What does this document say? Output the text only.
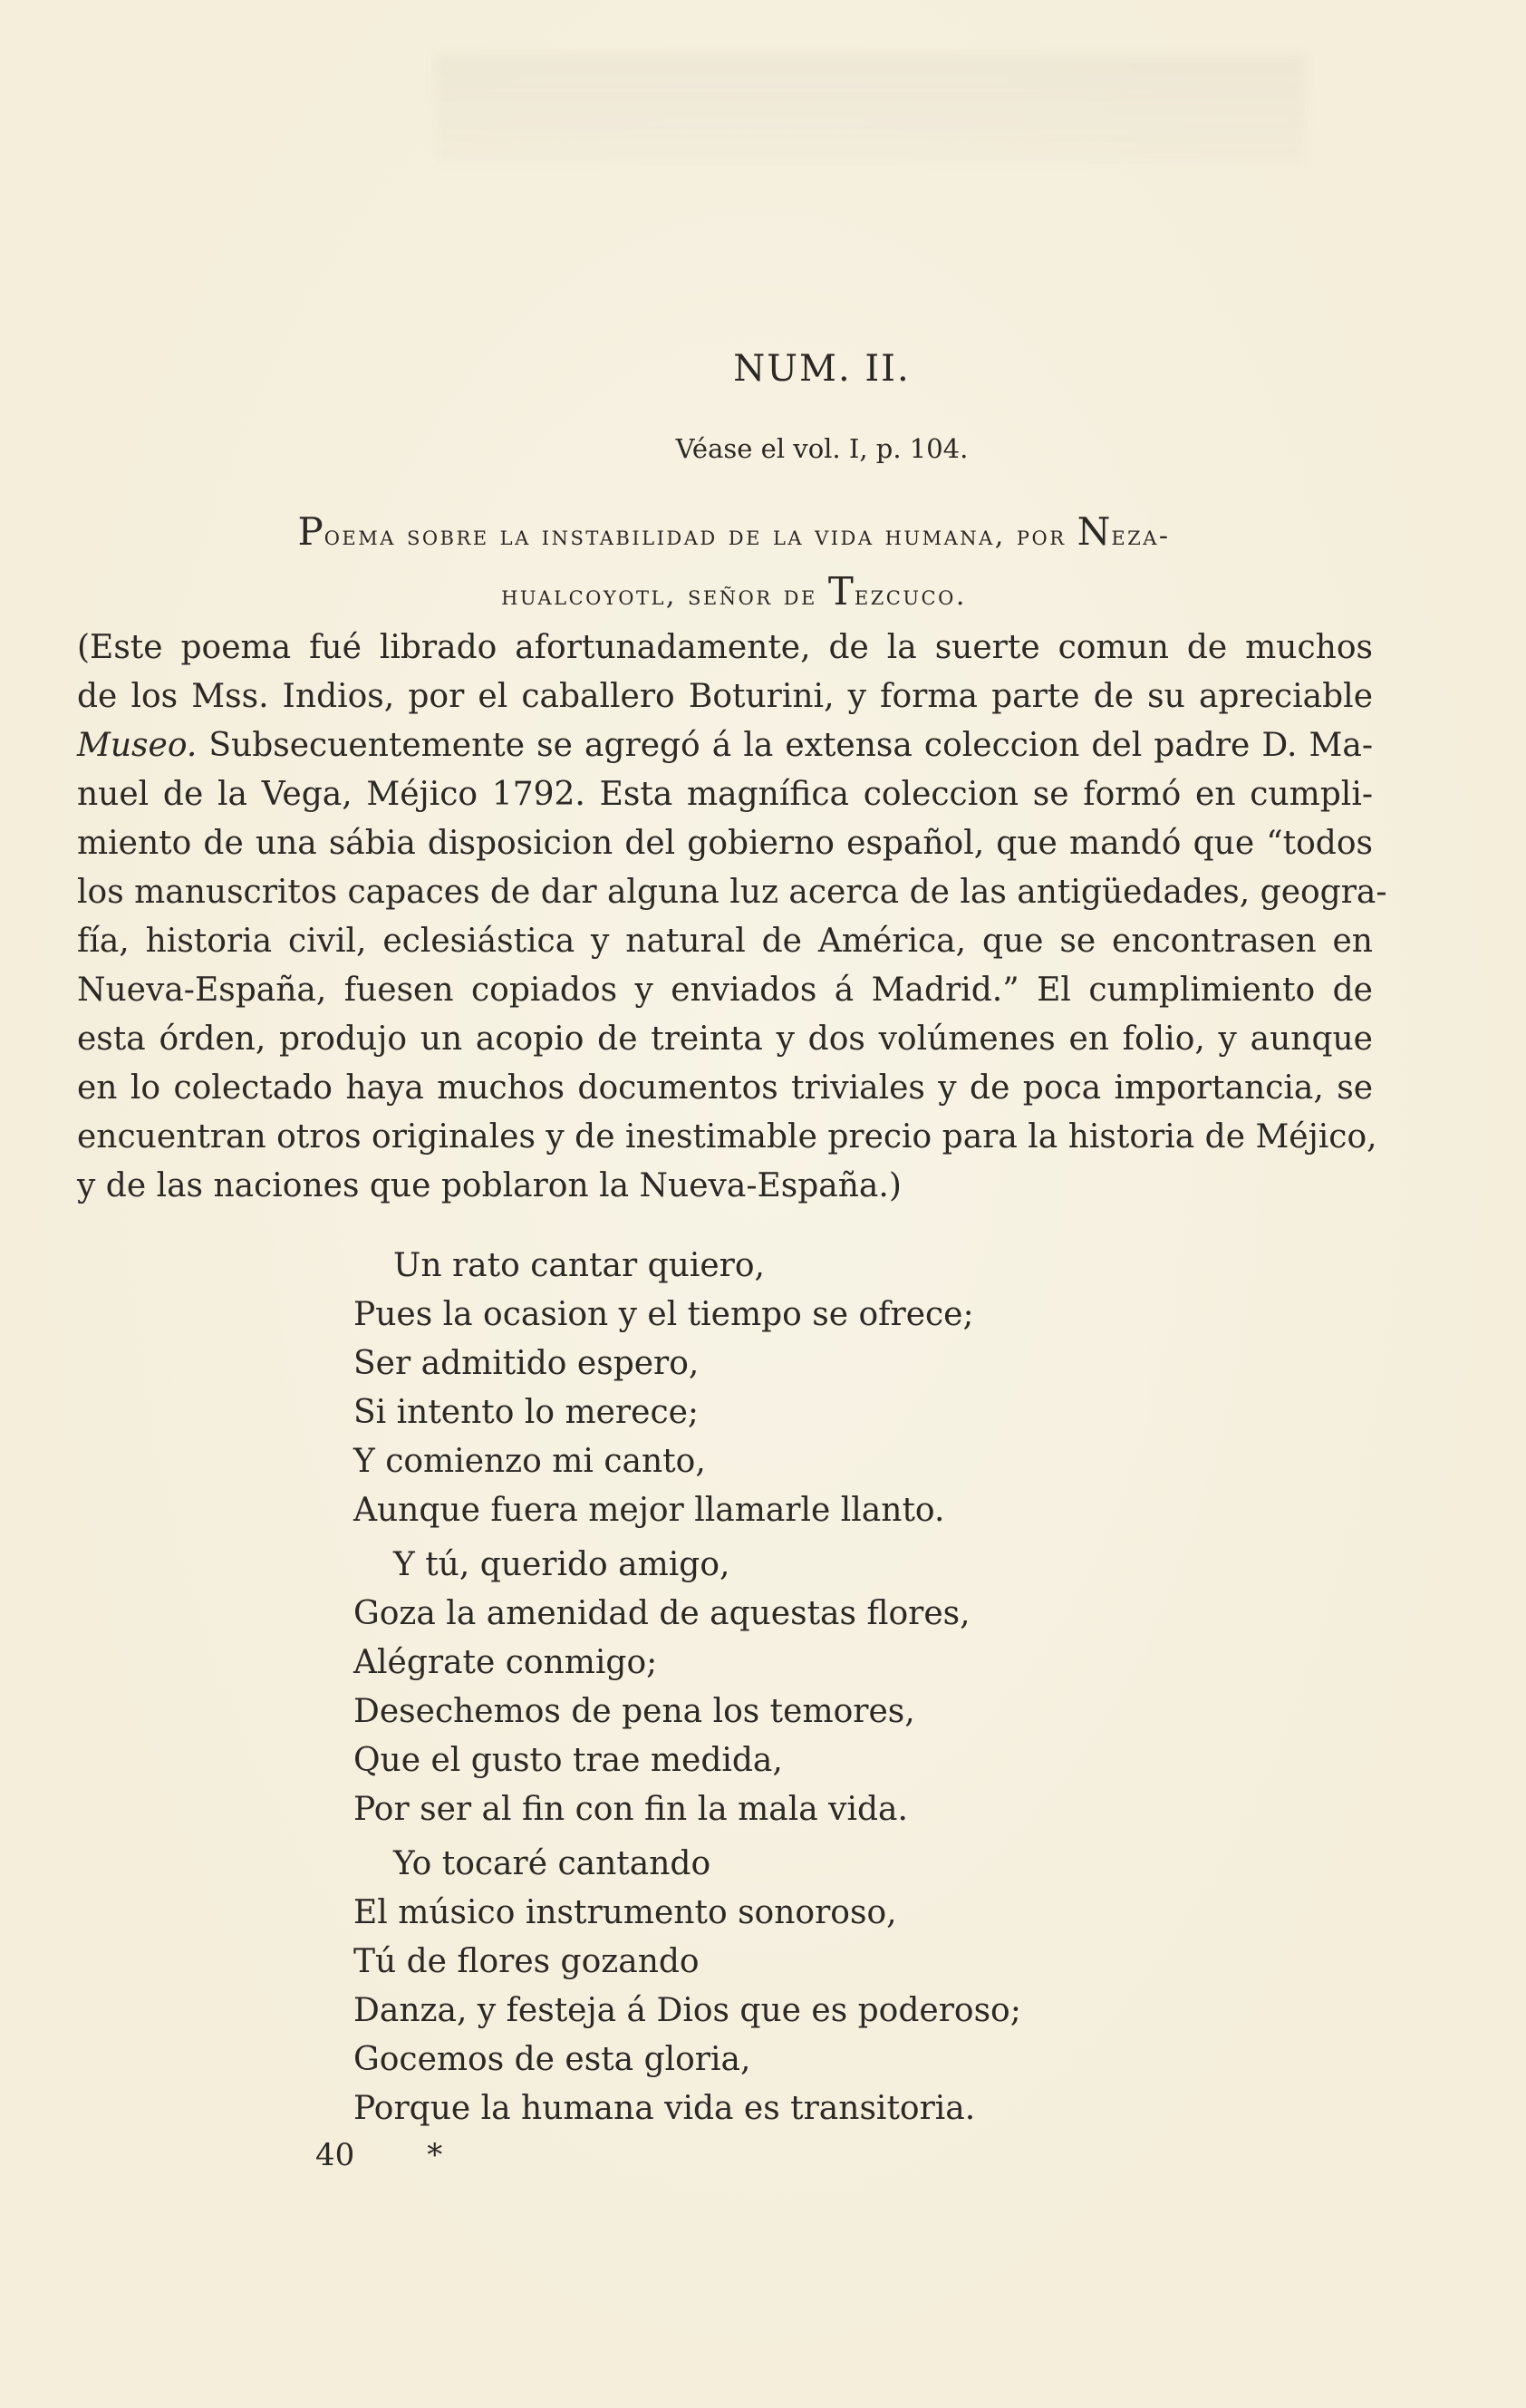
NUM. II.
Véase el vol. I, p. 104.
Poema sobre la instabilidad de la vida humana, por Neza-
hualcoyotl, señor de Tezcuco.
(Este poema fué librado afortunadamente, de la suerte comun de muchos
de los Mss. Indios, por el caballero Boturini, y forma parte de su apreciable
Museo. Subsecuentemente se agregó á la extensa coleccion del padre D. Ma-
nuel de la Vega, Méjico 1792. Esta magnífica coleccion se formó en cumpli-
miento de una sábia disposicion del gobierno español, que mandó que “todos
los manuscritos capaces de dar alguna luz acerca de las antigüedades, geogra-
fía, historia civil, eclesiástica y natural de América, que se encontrasen en
Nueva-España, fuesen copiados y enviados á Madrid.” El cumplimiento de
esta órden, produjo un acopio de treinta y dos volúmenes en folio, y aunque
en lo colectado haya muchos documentos triviales y de poca importancia, se
encuentran otros originales y de inestimable precio para la historia de Méjico,
y de las naciones que poblaron la Nueva-España.)
Un rato cantar quiero,
Pues la ocasion y el tiempo se ofrece;
Ser admitido espero,
Si intento lo merece;
Y comienzo mi canto,
Aunque fuera mejor llamarle llanto.
Y tú, querido amigo,
Goza la amenidad de aquestas flores,
Alégrate conmigo;
Desechemos de pena los temores,
Que el gusto trae medida,
Por ser al fin con fin la mala vida.
Yo tocaré cantando
El músico instrumento sonoroso,
Tú de flores gozando
Danza, y festeja á Dios que es poderoso;
Gocemos de esta gloria,
Porque la humana vida es transitoria.
40 *
